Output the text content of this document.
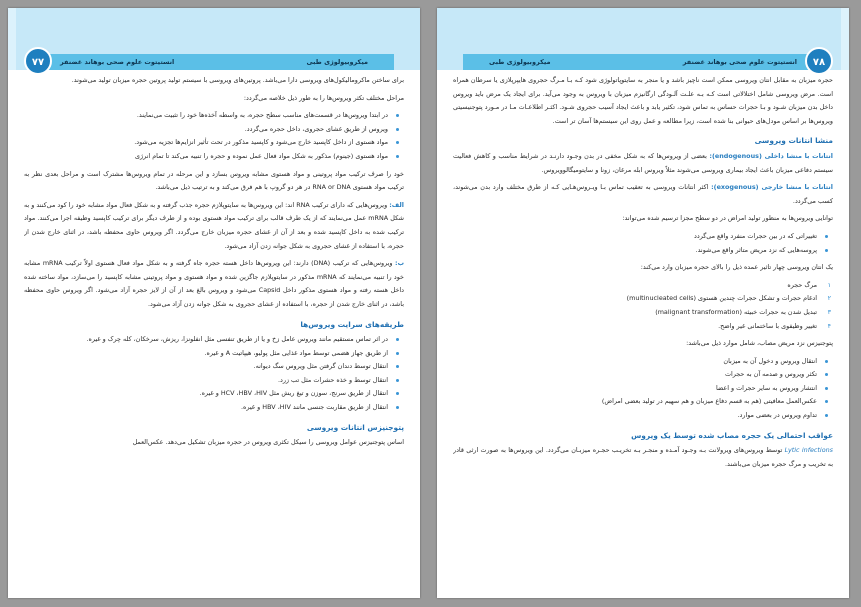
میکروبیولوژی طبی
انستیتوت علوم صحی بوهاند غضنفر
۷۷

برای ساختن ماکرومالیکول‌های ویروسی دارا می‌باشد. پروتین‌های ویروسی با سیستم تولید پروتین حجره میزبان تولید می‌شوند.

مراحل مختلف تکثر ویروس‌ها را به طور ذیل خلاصه می‌گردد:

در ابتدا ویروس‌ها در قسمت‌های مناسب سطح حجره، به واسطه آخذه‌ها خود را تثبیت می‌نمایند.
ویروس از طریق غشای حجروی، داخل حجره می‌گردد.
مواد هستوی از داخل کاپسید خارج می‌شود و کاپسید مذکور در تحت تأثیر انزایم‌ها تجزیه می‌شود.
مواد هستوی (جینوم) مذکور به شکل مواد فعال عمل نموده و حجره را تنبیه می‌کند تا تمام انرژی

خود را صرف ترکیب مواد پروتینی و مواد هستوی مشابه ویروس بسازد و این مرحله در تمام ویروس‌ها مشترک است و مراحل بعدی نظر به ترکیب مواد هستوی RNA or DNA در هر دو گروپ با هم فرق می‌کند و به ترتیب ذیل می‌باشد.

الف: ویروس‌هایی که دارای ترکیب RNA اند: این ویروس‌ها به سایتوپلازم حجره جذب گرفته و به شکل فعال مواد مشابه خود را کود می‌کنند و به شکل mRNA عمل می‌نمایند که از یک طرف قالب برای ترکیب مواد هستوی بوده و از طرف دیگر برای ترکیب کاپسید وظیفه اجرا می‌کنند. مواد ترکیب شده به داخل کاپسید شده و بعد از آن از غشای حجره میزبان خارج می‌گردد. اگر ویروس حاوی محفظه باشد، در اثنای خارج شدن از حجره، با استفاده از غشای حجروی به شکل جوانه زدن آزاد می‌شود.

ب: ویروس‌هایی که ترکیب (DNA) دارند: این ویروس‌ها داخل هسته حجره جاه گرفته و به شکل مواد فعال هستوی اولاً ترکیب mRNA مشابه خود را تنبیه می‌نمایند که mRNA مذکور در سایتوپلازم جاگزین شده و مواد هستوی و مواد پروتینی مشابه کاپسید را می‌سازد، مواد ساخته شده داخل هسته رفته و مواد هستوی مذکور داخل Capsid می‌شود و ویروس بالغ بعد از آن از لایز حجره آزاد می‌شود. اگر ویروس حاوی محفظه باشد، در اثنای خارج شدن از حجره، با استفاده از غشای حجروی به شکل جوانه زدن آزاد می‌شود.

طریقه‌های سرایت ویروس‌ها
در اثر تماس مستقیم مانند ویروس عامل زخ و یا از طریق تنفسی مثل انفلونزا، ریزش، سرخکان، کله چرک و غیره.
از طریق جهاز هضمی توسط مواد غذایی مثل پولیو، هیپاتیت A و غیره.
انتقال توسط دندان گرفتن مثل ویروس سگ دیوانه.
انتقال توسط و خذه حشرات مثل تب زرد.
انتقال از طریق سرنج، سوزن و تیغ ریش مثل HCV ،HBV ،HIV و غیره.
انتقال از طریق مقاربت جنسی مانند HBV ،HIV و غیره.
پتوجنیزس انتانات ویروسی

اساس پتوجنیزس عوامل ویروسی را سیکل تکثری ویروس در حجره میزبان تشکیل می‌دهد. عکس‌العمل

انستیتوت علوم صحی بوهاند غضنفر
میکروبیولوژی طبی	۷۸

حجره میزبان به مقابل انتان ویروسی ممکن است ناچیز باشد و یا منجر به سایتوپاتولوژی شود کـه بـا مـرگ حجروی هایپرپلازی یا سرطان همراه است. مرض ویروسی شامل اختلالاتی است کـه بـه علـت آلـودگی ارگانیزم میزبان با ویروس به وجود می‌آید. برای ایجاد یک مرض باید ویروس داخل بدن میزبان شـود و بـا حجرات حساس به تماس شود، تکثیر یابد و باعث ایجاد آسیب حجروی شـود. اکثـر اطلاعـات مـا در مـورد پتوجنیسیتی ویروس‌ها بر اساس مودل‌های حیوانی بنا شده است، زیرا مطالعه و عمل روی این سیستم‌ها آسان تر است.

منشا انتانات ویروسی

انتانات با منشا داخلی (endogenous): بعضی از ویروس‌ها که به شکل مخفی در بدن وجـود دارنـد در شرایط مناسب و کاهش فعالیت سیستم دفاعی میزبان باعث ایجاد بیماری ویروسی می‌شوند مثلاً ویروس ابله مرغان، زونا و سایتومیگالوویروس.

انتانات با منشا خارجی (exogenous): اکثر انتانات ویروسی به تعقیب تماس بـا ویـروس‌هـایی کـه از طرق مختلف وارد بدن می‌شوند، کسب می‌گردد.

توانایی ویروس‌ها به منظور تولید امراض در دو سطح مجزا ترسیم شده می‌تواند:

تغییراتی که در بین حجرات منفرد واقع می‌گردد
پروسه‌هایی که نزد مریض متاثر واقع می‌شوند.

یک انتان ویروسی چهار تاثیر عمده ذیل را بالای حجره میزبان وارد می‌کند:

۱
مرگ حجره
۲
ادغام حجرات و تشکل حجرات چندین هستوی (multinucleated cells)
۳
تبدیل شدن به حجرات خبیثه (malignant transformation)
۴
تغییر وظیفوی با ساختمانی غیر واضح.

پتوجنیزس نزد مریض مصاب، شامل موارد ذیل می‌باشد:

انتقال ویروس و دخول آن به میزبان
تکثر ویروس و صدمه آن به حجرات
انتشار ویروس به سایر حجرات و اعضا
عکس‌العمل معافیتی (هم به قسم دفاع میزبان و هم سهیم در تولید بعضی امراض)
تداوم ویروس در بعضی موارد.
عواقب احتمالی یک حجره مصاب شده توسط یک ویروس

Lytic infections توسط ویروس‌های ویرولانت بـه وجـود آمـده و منجـر بـه تخریـب حجـره میزبـان می‌گردد. این ویروس‌ها به صورت ارثی قادر به تخریب و مرگ حجره میزبان می‌باشند.
